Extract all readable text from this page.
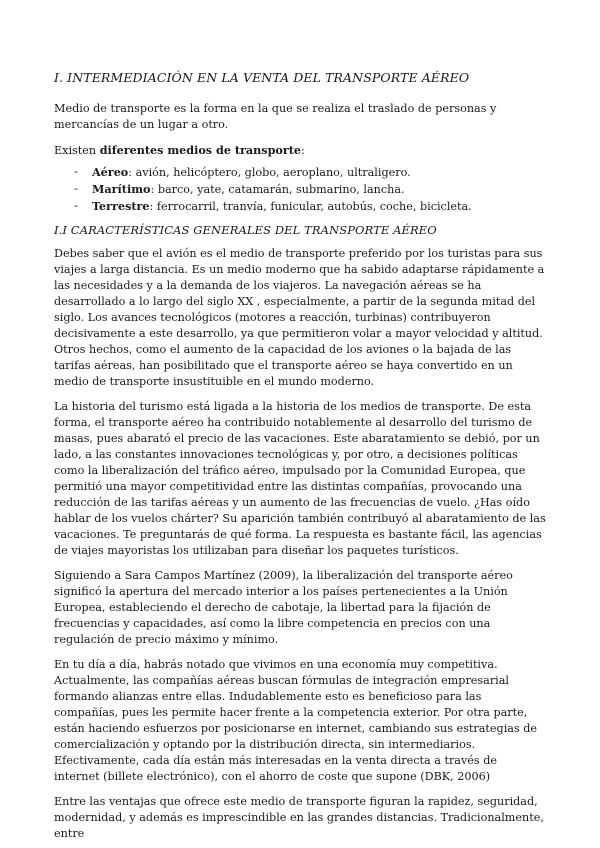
I. INTERMEDIACIÓN EN LA VENTA DEL TRANSPORTE AÉREO

Medio de transporte es la forma en la que se realiza el traslado de personas y mercancías de un lugar a otro.

Existen diferentes medios de transporte:

- Aéreo: avión, helicóptero, globo, aeroplano, ultraligero.
- Marítimo: barco, yate, catamarán, submarino, lancha.
- Terrestre: ferrocarril, tranvía, funicular, autobús, coche, bicicleta.
I.I CARACTERÍSTICAS GENERALES DEL TRANSPORTE AÉREO

Debes saber que el avión es el medio de transporte preferido por los turistas para sus viajes a larga distancia. Es un medio moderno que ha sabido adaptarse rápidamente a las necesidades y a la demanda de los viajeros. La navegación aéreas se ha desarrollado a lo largo del siglo XX , especialmente, a partir de la segunda mitad del siglo. Los avances tecnológicos (motores a reacción, turbinas) contribuyeron decisivamente a este desarrollo, ya que permitieron volar a mayor velocidad y altitud. Otros hechos, como el aumento de la capacidad de los aviones o la bajada de las tarifas aéreas, han posibilitado que el transporte aéreo se haya convertido en un medio de transporte insustituible en el mundo moderno.

La historia del turismo está ligada a la historia de los medios de transporte. De esta forma, el transporte aéreo ha contribuido notablemente al desarrollo del turismo de masas, pues abarató el precio de las vacaciones. Este abaratamiento se debió, por un lado, a las constantes innovaciones tecnológicas y, por otro, a decisiones políticas como la liberalización del tráfico aéreo, impulsado por la Comunidad Europea, que permitió una mayor competitividad entre las distintas compañías, provocando una reducción de las tarifas aéreas y un aumento de las frecuencias de vuelo. ¿Has oído hablar de los vuelos chárter? Su aparición también contribuyó al abaratamiento de las vacaciones. Te preguntarás de qué forma. La respuesta es bastante fácil, las agencias de viajes mayoristas los utilizaban para diseñar los paquetes turísticos.

Siguiendo a Sara Campos Martínez (2009), la liberalización del transporte aéreo significó la apertura del mercado interior a los países pertenecientes a la Unión Europea, estableciendo el derecho de cabotaje, la libertad para la fijación de frecuencias y capacidades, así como la libre competencia en precios con una regulación de precio máximo y mínimo.

En tu día a día, habrás notado que vivimos en una economía muy competitiva. Actualmente, las compañías aéreas buscan fórmulas de integración empresarial formando alianzas entre ellas. Indudablemente esto es beneficioso para las compañías, pues les permite hacer frente a la competencia exterior. Por otra parte, están haciendo esfuerzos por posicionarse en internet, cambiando sus estrategias de comercialización y optando por la distribución directa, sin intermediarios. Efectivamente, cada día están más interesadas en la venta directa a través de internet (billete electrónico), con el ahorro de coste que supone (DBK, 2006)

Entre las ventajas que ofrece este medio de transporte figuran la rapidez, seguridad, modernidad, y además es imprescindible en las grandes distancias. Tradicionalmente, entre
